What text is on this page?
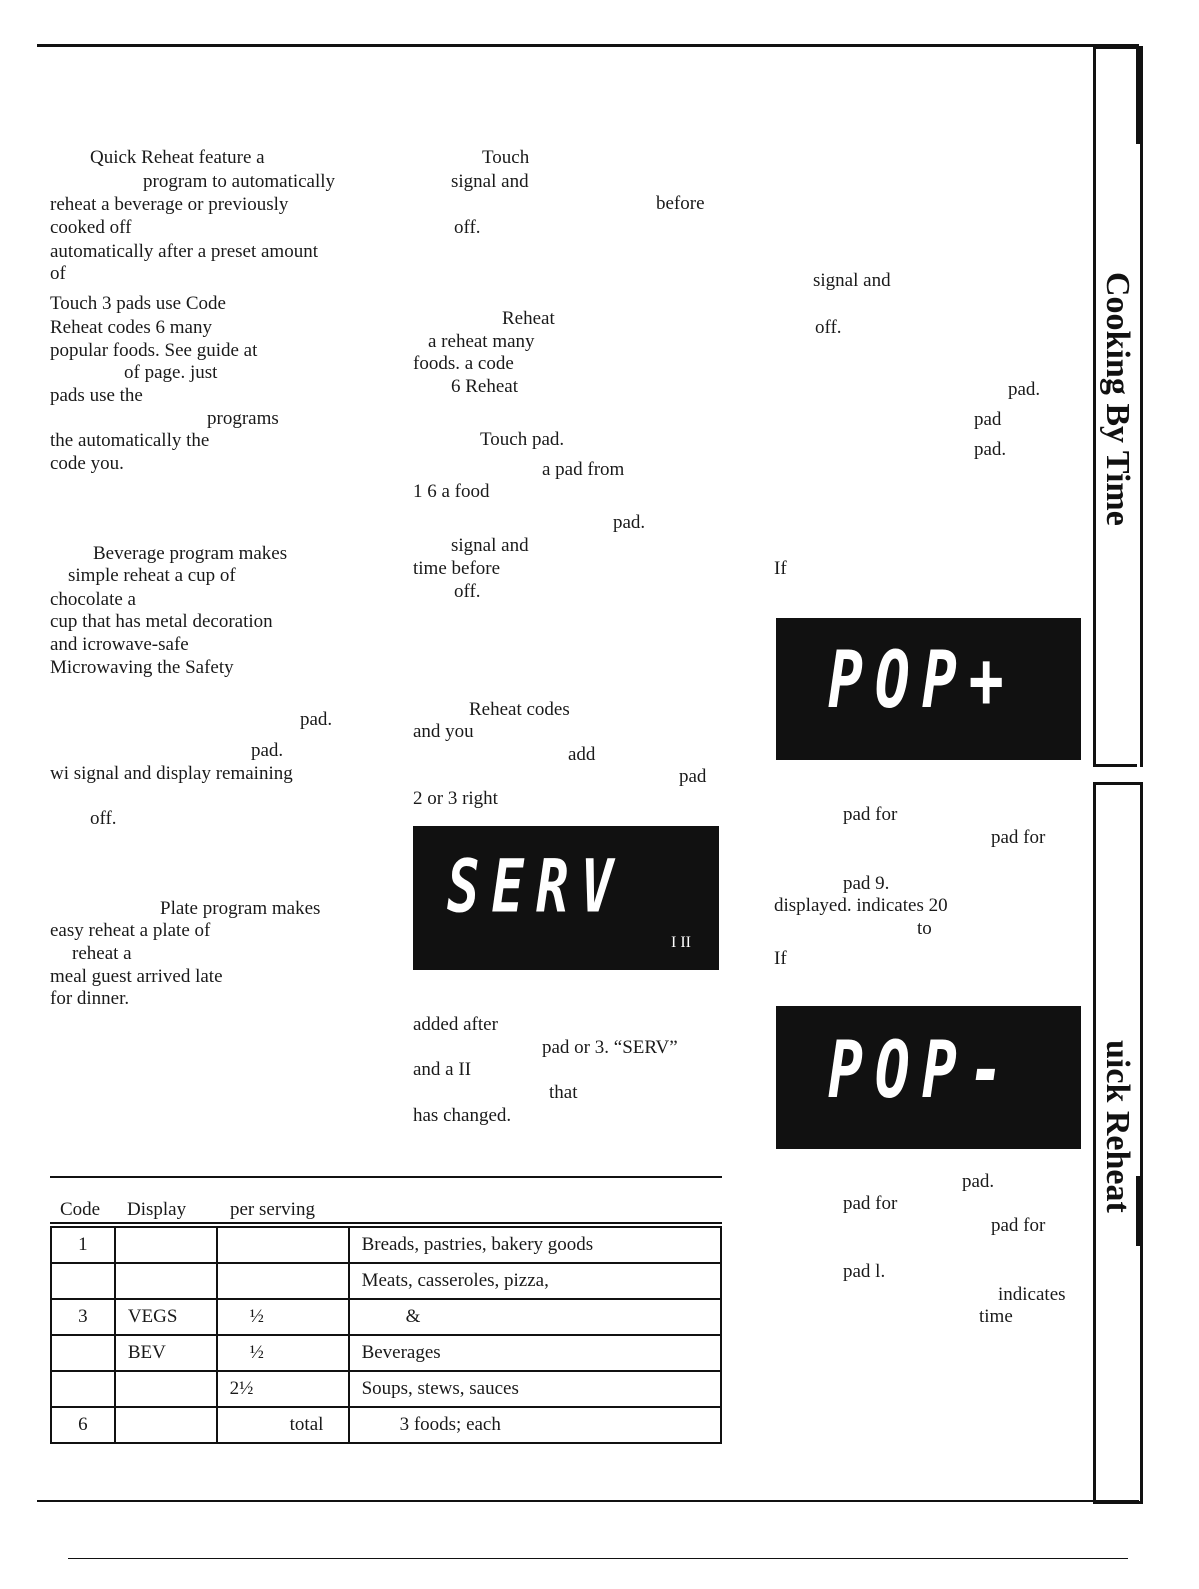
Quick Reheat feature a
program to automatically
reheat a beverage or previously
cooked off
automatically after a preset amount
of
Touch 3 pads use Code
Reheat codes 6 many
popular foods. See guide at
of page. just
pads use the
programs
the automatically the
code you.
Beverage program makes
simple reheat a cup of
chocolate a
cup that has metal decoration
and icrowave-safe
Microwaving the Safety
pad.
pad.
wi signal and display remaining
off.
Plate program makes
easy reheat a plate of
reheat a
meal guest arrived late
for dinner.
Touch
signal and
before
off.
Reheat
a reheat many
foods. a code
6 Reheat
Touch pad.
a pad from
1 6 a food
pad.
signal and
time before
off.
Reheat codes
and you
add
pad
2 or 3 right
added after
pad or 3. “SERV”
and a II
that
has changed.
signal and
off.
pad.
pad
pad.
If
pad for
pad for
pad 9.
displayed. indicates 20
to
If
pad.
pad for
pad for
pad l.
indicates
time
SERV
I II
POP+
POP-
Cooking By Time
uick Reheat
Code Display per serving
1			Breads, pastries, bakery goods
			Meats, casseroles, pizza,
3	VEGS	½	&
	BEV	½	Beverages
		2½	Soups, stews, sauces
6		total	3 foods; each
